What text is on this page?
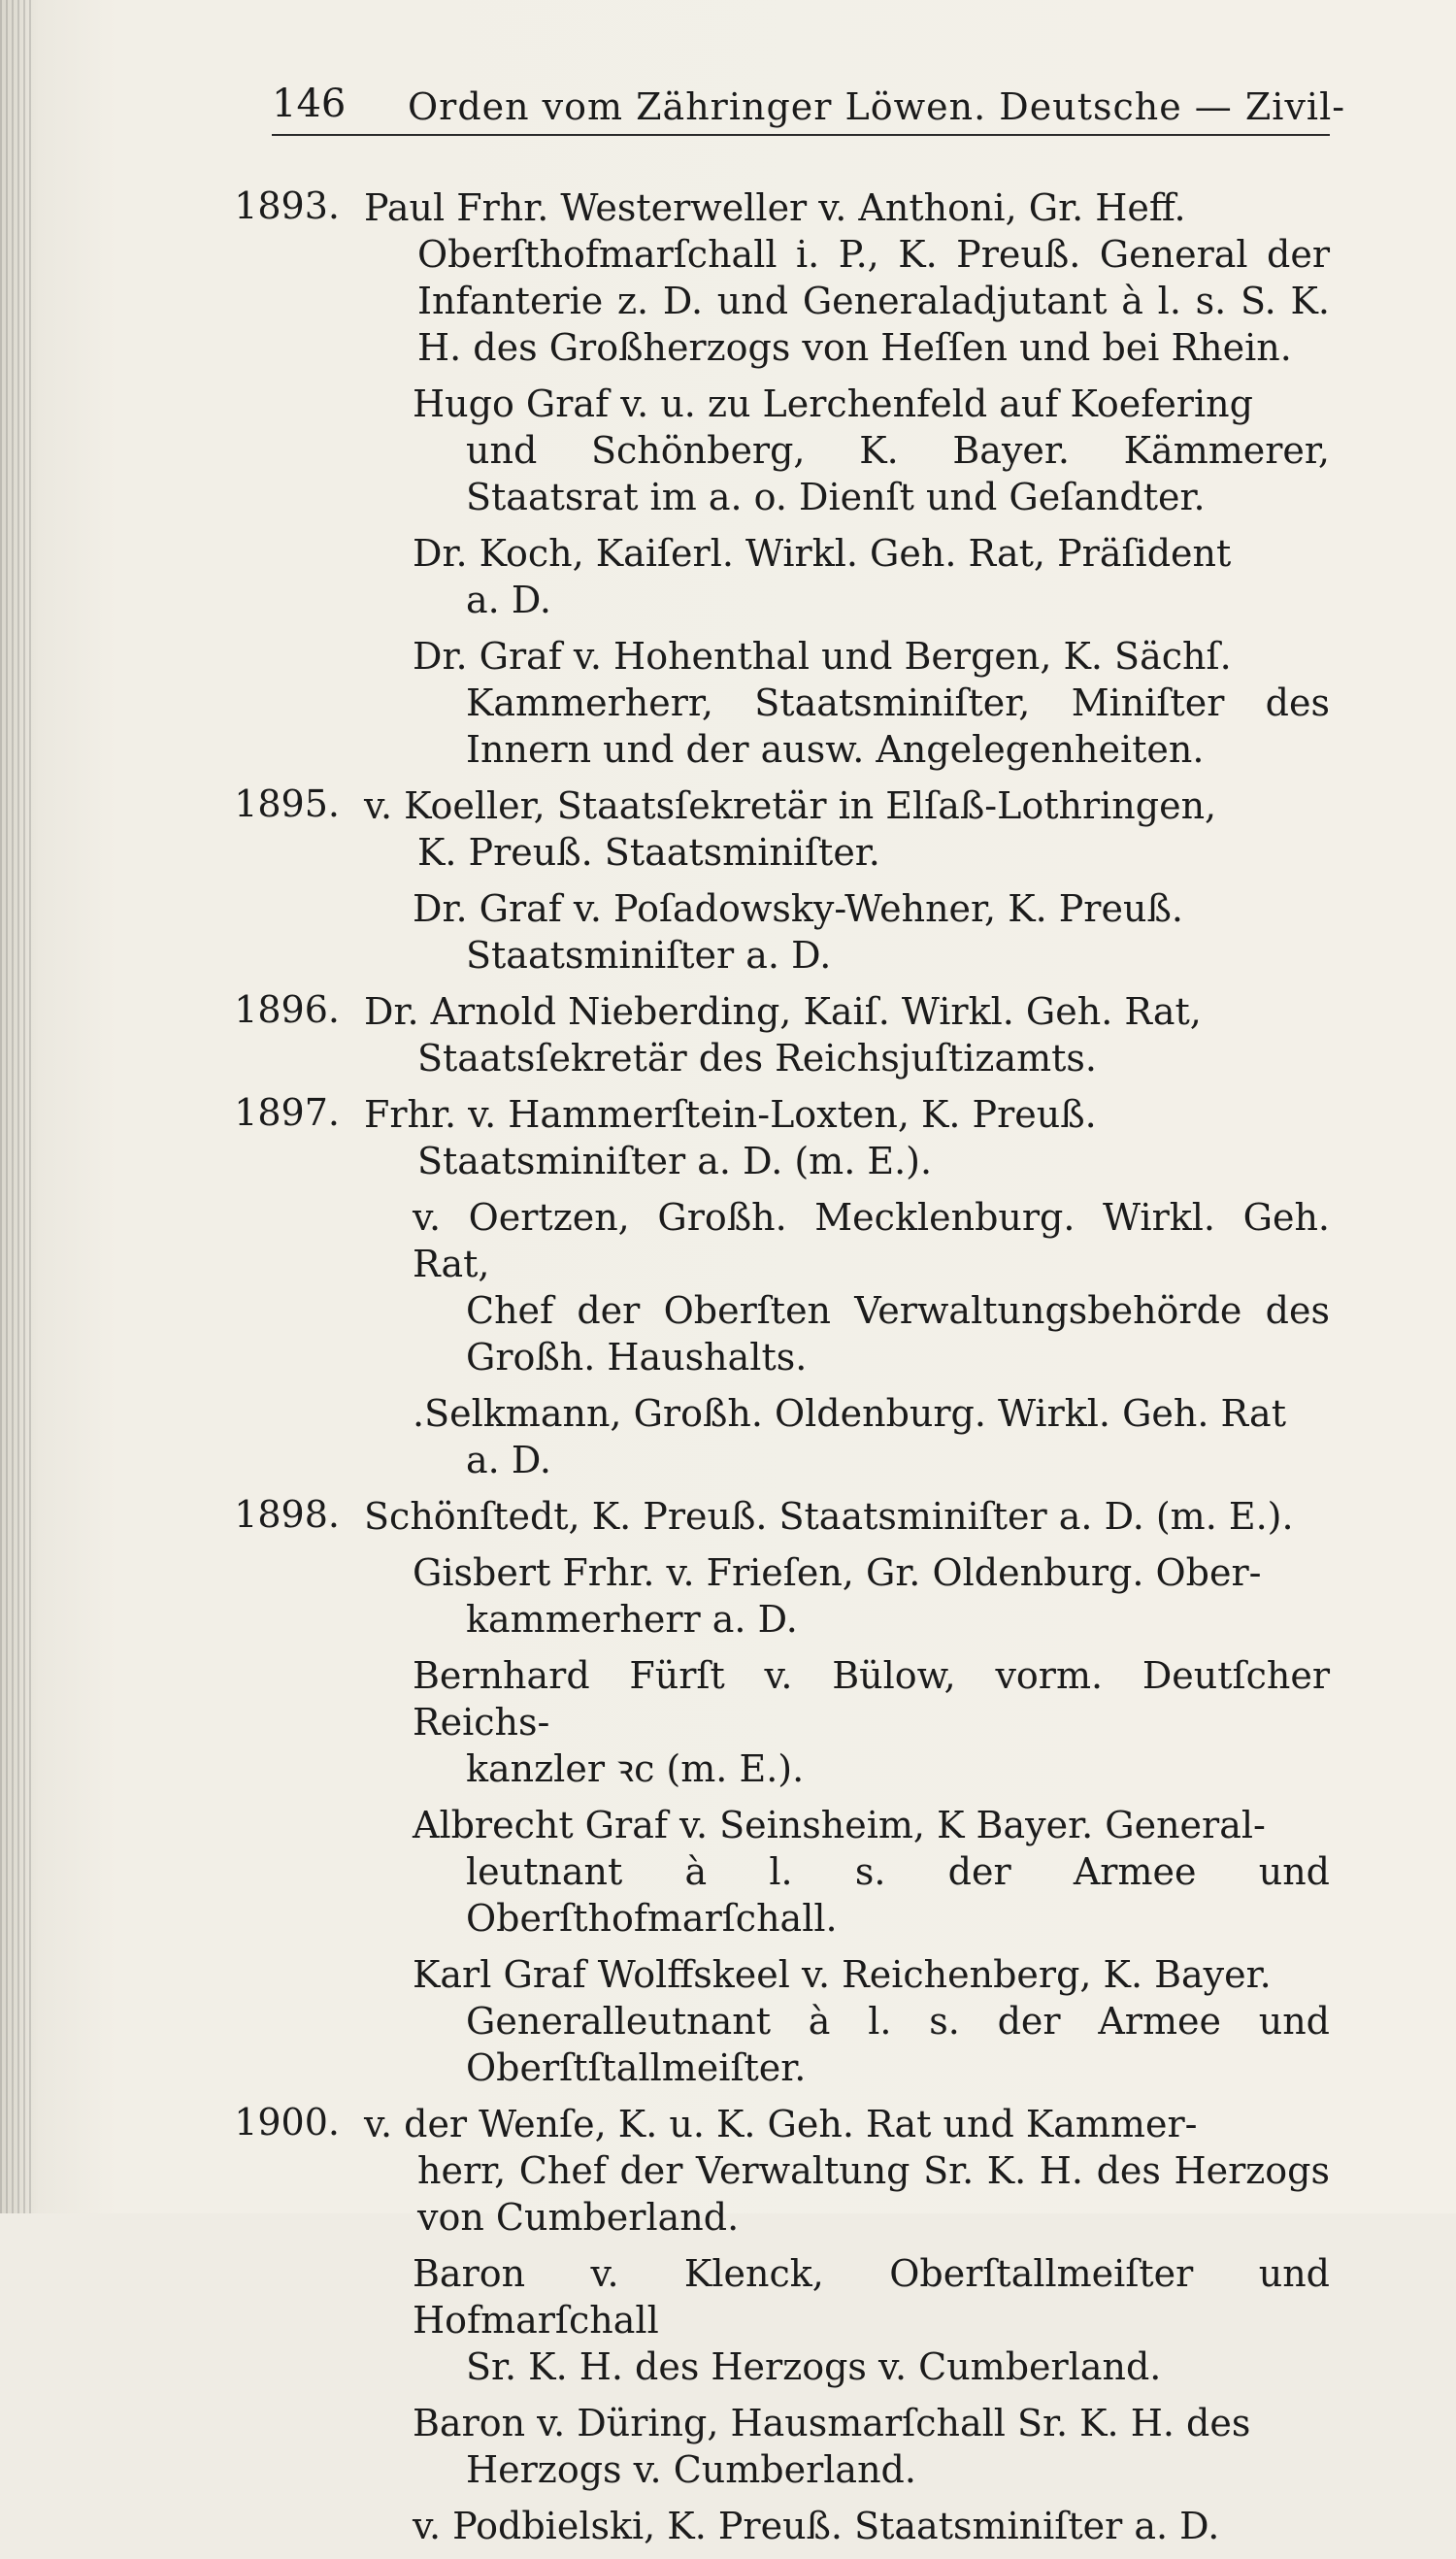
146 Orden vom Zähringer Löwen. Deutsche — Zivil-
1893. Paul Frhr. Westerweller v. Anthoni, Gr. Heff.
Oberſthofmarſchall i. P., K. Preuß. General der Infanterie z. D. und Generaladjutant à l. s. S. K. H. des Großherzogs von Heſſen und bei Rhein.
Hugo Graf v. u. zu Lerchenfeld auf Koefering
und Schönberg, K. Bayer. Kämmerer, Staatsrat im a. o. Dienſt und Geſandter.
Dr. Koch, Kaiſerl. Wirkl. Geh. Rat, Präſident
a. D.
Dr. Graf v. Hohenthal und Bergen, K. Sächſ.
Kammerherr, Staatsminiſter, Miniſter des Innern und der ausw. Angelegenheiten.
1895. v. Koeller, Staatsſekretär in Elſaß-Lothringen,
K. Preuß. Staatsminiſter.
Dr. Graf v. Poſadowsky-Wehner, K. Preuß.
Staatsminiſter a. D.
1896. Dr. Arnold Nieberding, Kaiſ. Wirkl. Geh. Rat,
Staatsſekretär des Reichsjuſtizamts.
1897. Frhr. v. Hammerſtein-Loxten, K. Preuß.
Staatsminiſter a. D. (m. E.).
v. Oertzen, Großh. Mecklenburg. Wirkl. Geh. Rat,
Chef der Oberſten Verwaltungsbehörde des Großh. Haushalts.
.Selkmann, Großh. Oldenburg. Wirkl. Geh. Rat
a. D.
1898. Schönſtedt, K. Preuß. Staatsminiſter a. D. (m. E.).
Gisbert Frhr. v. Frieſen, Gr. Oldenburg. Ober-
kammerherr a. D.
Bernhard Fürſt v. Bülow, vorm. Deutſcher Reichs-
kanzler ꝛc (m. E.).
Albrecht Graf v. Seinsheim, K Bayer. General-
leutnant à l. s. der Armee und Oberſthofmarſchall.
Karl Graf Wolffskeel v. Reichenberg, K. Bayer.
Generalleutnant à l. s. der Armee und Oberſtſtallmeiſter.
1900. v. der Wenſe, K. u. K. Geh. Rat und Kammer-
herr, Chef der Verwaltung Sr. K. H. des Herzogs von Cumberland.
Baron v. Klenck, Oberſtallmeiſter und Hofmarſchall
Sr. K. H. des Herzogs v. Cumberland.
Baron v. Düring, Hausmarſchall Sr. K. H. des
Herzogs v. Cumberland.
v. Podbielski, K. Preuß. Staatsminiſter a. D.
